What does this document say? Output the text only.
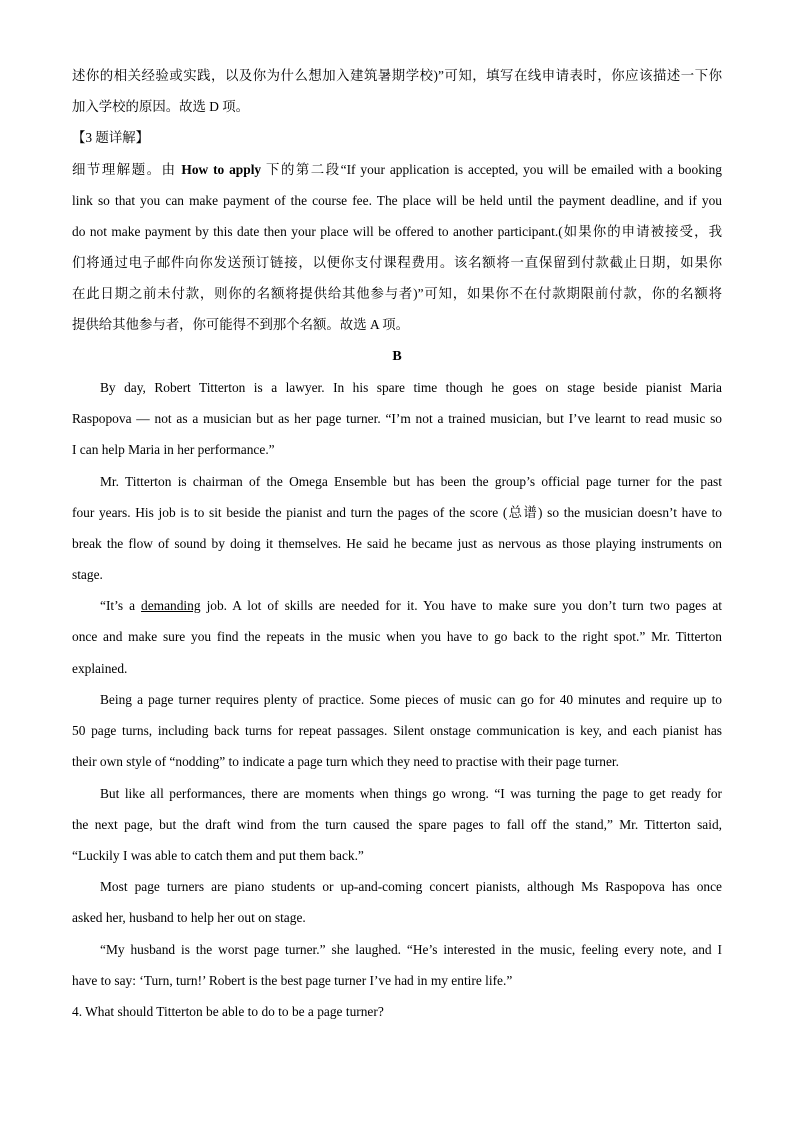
述你的相关经验或实践，以及你为什么想加入建筑暑期学校)”可知，填写在线申请表时，你应该描述一下你
加入学校的原因。故选 D 项。
【3 题详解】
细节理解题。由 How to apply 下的第二段“If your application is accepted, you will be emailed with a booking
link so that you can make payment of the course fee. The place will be held until the payment deadline, and if you
do not make payment by this date then your place will be offered to another participant.(如果你的申请被接受，我
们将通过电子邮件向你发送预订链接，以便你支付课程费用。该名额将一直保留到付款截止日期，如果你
在此日期之前未付款，则你的名额将提供给其他参与者)”可知，如果你不在付款期限前付款，你的名额将
提供给其他参与者，你可能得不到那个名额。故选 A 项。
B
By day, Robert Titterton is a lawyer. In his spare time though he goes on stage beside pianist Maria
Raspopova — not as a musician but as her page turner. “I’m not a trained musician, but I’ve learnt to read music so
I can help Maria in her performance.”
Mr. Titterton is chairman of the Omega Ensemble but has been the group’s official page turner for the past
four years. His job is to sit beside the pianist and turn the pages of the score (总谱) so the musician doesn’t have to
break the flow of sound by doing it themselves. He said he became just as nervous as those playing instruments on
stage.
“It’s a demanding job. A lot of skills are needed for it. You have to make sure you don’t turn two pages at
once and make sure you find the repeats in the music when you have to go back to the right spot.” Mr. Titterton
explained.
Being a page turner requires plenty of practice. Some pieces of music can go for 40 minutes and require up to
50 page turns, including back turns for repeat passages. Silent onstage communication is key, and each pianist has
their own style of “nodding” to indicate a page turn which they need to practise with their page turner.
But like all performances, there are moments when things go wrong. “I was turning the page to get ready for
the next page, but the draft wind from the turn caused the spare pages to fall off the stand,” Mr. Titterton said,
“Luckily I was able to catch them and put them back.”
Most page turners are piano students or up-and-coming concert pianists, although Ms Raspopova has once
asked her, husband to help her out on stage.
“My husband is the worst page turner.” she laughed. “He’s interested in the music, feeling every note, and I
have to say: ‘Turn, turn!’ Robert is the best page turner I’ve had in my entire life.”
4. What should Titterton be able to do to be a page turner?
